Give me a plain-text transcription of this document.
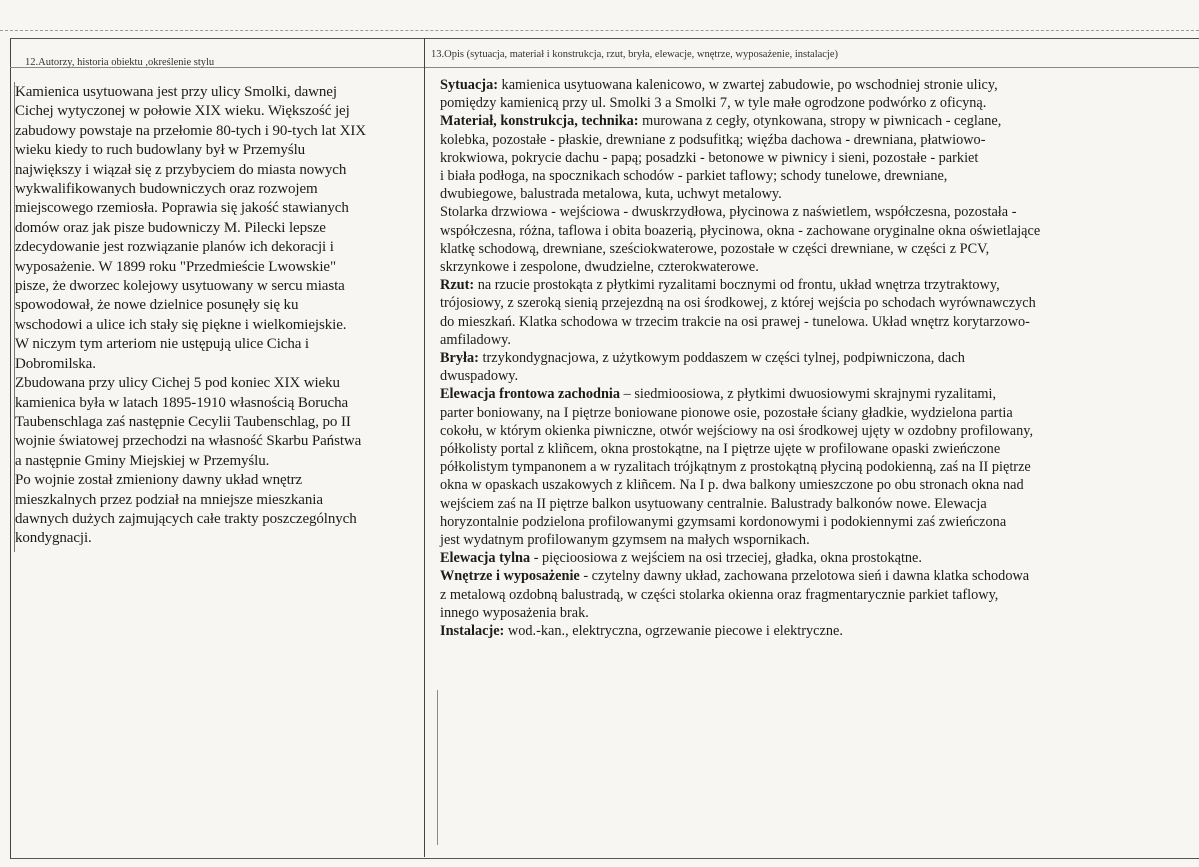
12.Autorzy, historia obiektu ,określenie stylu
13.Opis (sytuacja, materiał i konstrukcja, rzut, bryła, elewacje, wnętrze, wyposażenie, instalacje)
Kamienica usytuowana jest przy ulicy Smolki, dawnej
Cichej wytyczonej w połowie XIX wieku. Większość jej
zabudowy powstaje na przełomie 80-tych i 90-tych lat XIX
wieku kiedy to ruch budowlany był w Przemyślu
największy i wiązał się z przybyciem do miasta nowych
wykwalifikowanych budowniczych oraz rozwojem
miejscowego rzemiosła. Poprawia się jakość stawianych
domów oraz jak pisze budowniczy M. Pilecki lepsze
zdecydowanie jest rozwiązanie planów ich dekoracji i
wyposażenie. W 1899 roku "Przedmieście Lwowskie"
pisze, że dworzec kolejowy usytuowany w sercu miasta
spowodował, że nowe dzielnice posunęły się ku
wschodowi a ulice ich stały się piękne i wielkomiejskie.
W niczym tym arteriom nie ustępują ulice Cicha i
Dobromilska.
Zbudowana przy ulicy Cichej 5 pod koniec XIX wieku
kamienica była w latach 1895-1910 własnością Borucha
Taubenschlaga zaś następnie Cecylii Taubenschlag, po II
wojnie światowej przechodzi na własność Skarbu Państwa
a następnie Gminy Miejskiej w Przemyślu.
Po wojnie został zmieniony dawny układ wnętrz
mieszkalnych przez podział na mniejsze mieszkania
dawnych dużych zajmujących całe trakty poszczególnych
kondygnacji.
Sytuacja: kamienica usytuowana kalenicowo, w zwartej zabudowie, po wschodniej stronie ulicy,
pomiędzy kamienicą przy ul. Smolki 3 a Smolki 7, w tyle małe ogrodzone podwórko z oficyną.
Materiał, konstrukcja, technika: murowana z cegły, otynkowana, stropy w piwnicach - ceglane,
kolebka, pozostałe - płaskie, drewniane z podsufitką; więźba dachowa - drewniana, płatwiowo-
krokwiowa, pokrycie dachu - papą; posadzki - betonowe w piwnicy i sieni, pozostałe - parkiet
i biała podłoga, na spocznikach schodów - parkiet taflowy; schody tunelowe, drewniane,
dwubiegowe, balustrada metalowa, kuta, uchwyt metalowy.
Stolarka drzwiowa - wejściowa - dwuskrzydłowa, płycinowa z naświetlem, współczesna, pozostała -
współczesna, różna, taflowa i obita boazerią, płycinowa, okna - zachowane oryginalne okna oświetlające
klatkę schodową, drewniane, sześciokwaterowe, pozostałe w części drewniane, w części z PCV,
skrzynkowe i zespolone, dwudzielne, czterokwaterowe.
Rzut: na rzucie prostokąta z płytkimi ryzalitami bocznymi od frontu, układ wnętrza trzytraktowy,
trójosiowy, z szeroką sienią przejezdną na osi środkowej, z której wejścia po schodach wyrównawczych
do mieszkań. Klatka schodowa w trzecim trakcie na osi prawej - tunelowa. Układ wnętrz korytarzowo-
amfiladowy.
Bryła: trzykondygnacjowa, z użytkowym poddaszem w części tylnej, podpiwniczona, dach
dwuspadowy.
Elewacja frontowa zachodnia – siedmioosiowa, z płytkimi dwuosiowymi skrajnymi ryzalitami,
parter boniowany, na I piętrze boniowane pionowe osie, pozostałe ściany gładkie, wydzielona partia
cokołu, w którym okienka piwniczne, otwór wejściowy na osi środkowej ujęty w ozdobny profilowany,
półkolisty portal z kliñcem, okna prostokątne, na I piętrze ujęte w profilowane opaski zwieńczone
półkolistym tympanonem a w ryzalitach trójkątnym z prostokątną płyciną podokienną, zaś na II piętrze
okna w opaskach uszakowych z kliñcem. Na I p. dwa balkony umieszczone po obu stronach okna nad
wejściem zaś na II piętrze balkon usytuowany centralnie. Balustrady balkonów nowe. Elewacja
horyzontalnie podzielona profilowanymi gzymsami kordonowymi i podokiennymi zaś zwieńczona
jest wydatnym profilowanym gzymsem na małych wspornikach.
Elewacja tylna - pięcioosiowa z wejściem na osi trzeciej, gładka, okna prostokątne.
Wnętrze i wyposażenie - czytelny dawny układ, zachowana przelotowa sień i dawna klatka schodowa
z metalową ozdobną balustradą, w części stolarka okienna oraz fragmentarycznie parkiet taflowy,
innego wyposażenia brak.
Instalacje: wod.-kan., elektryczna, ogrzewanie piecowe i elektryczne.
